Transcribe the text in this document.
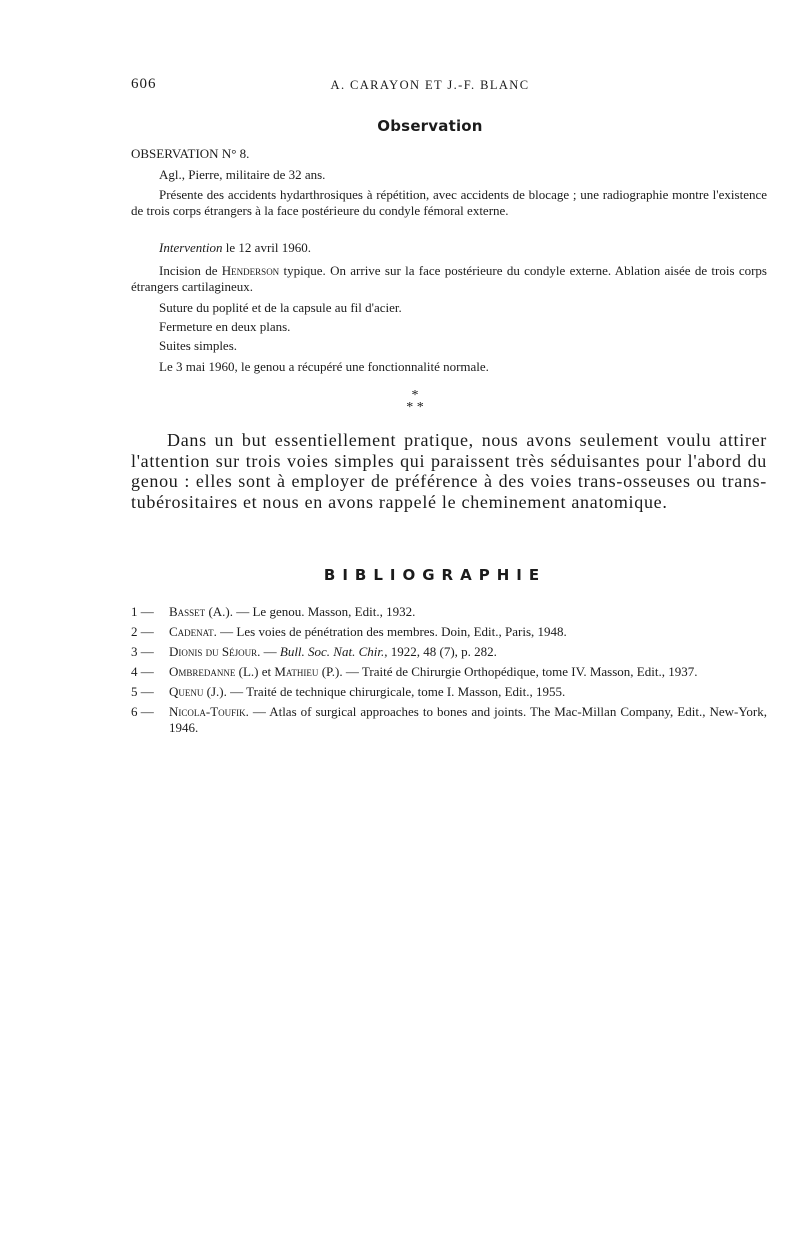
606	A. CARAYON ET J.-F. BLANC
Observation

OBSERVATION N° 8.

Agl., Pierre, militaire de 32 ans.

Présente des accidents hydarthrosiques à répétition, avec accidents de blocage ; une radiographie montre l'existence de trois corps étrangers à la face postérieure du condyle fémoral externe.

Intervention le 12 avril 1960.

Incision de Henderson typique. On arrive sur la face postérieure du condyle externe. Ablation aisée de trois corps étrangers cartilagineux.

Suture du poplité et de la capsule au fil d'acier.

Fermeture en deux plans.

Suites simples.

Le 3 mai 1960, le genou a récupéré une fonctionnalité normale.

*
* *

Dans un but essentiellement pratique, nous avons seulement voulu attirer l'attention sur trois voies simples qui paraissent très séduisantes pour l'abord du genou : elles sont à employer de préférence à des voies trans-osseuses ou trans-tubérositaires et nous en avons rappelé le cheminement anatomique.

BIBLIOGRAPHIE
1 —	Basset (A.). — Le genou. Masson, Edit., 1932.
2 —	Cadenat. — Les voies de pénétration des membres. Doin, Edit., Paris, 1948.
3 —	Dionis du Séjour. — Bull. Soc. Nat. Chir., 1922, 48 (7), p. 282.
4 —	Ombredanne (L.) et Mathieu (P.). — Traité de Chirurgie Orthopédique, tome IV. Masson, Edit., 1937.
5 —	Quenu (J.). — Traité de technique chirurgicale, tome I. Masson, Edit., 1955.
6 —	Nicola-Toufik. — Atlas of surgical approaches to bones and joints. The Mac-Millan Company, Edit., New-York, 1946.
